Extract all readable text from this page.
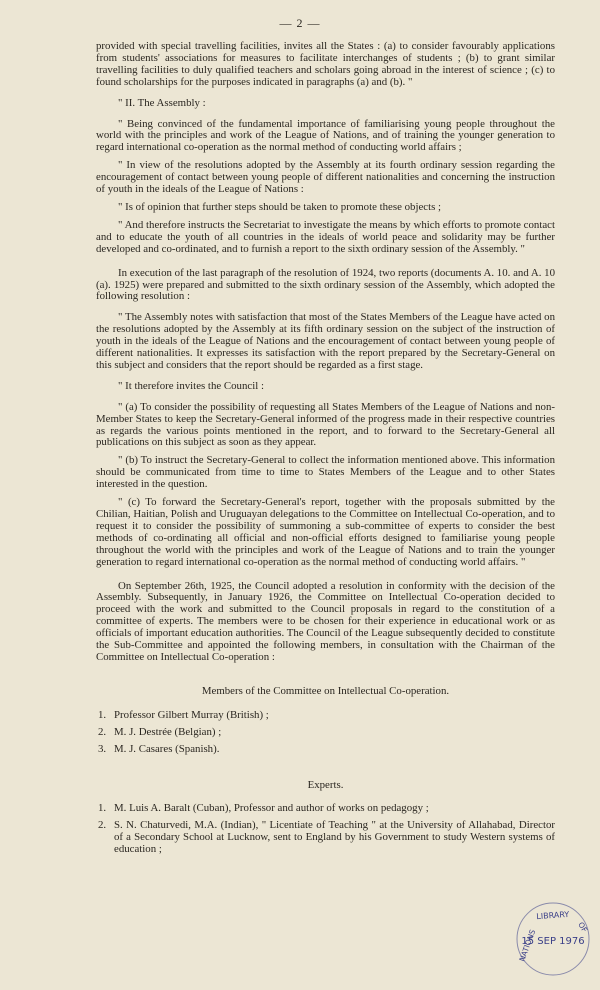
— 2 —

provided with special travelling facilities, invites all the States : (a) to consider favourably applications from students' associations for measures to facilitate interchanges of students ; (b) to grant similar travelling facilities to duly qualified teachers and scholars going abroad in the interest of science ; (c) to found scholarships for the purposes indicated in paragraphs (a) and (b). "

" II. The Assembly :

" Being convinced of the fundamental importance of familiarising young people throughout the world with the principles and work of the League of Nations, and of training the younger generation to regard international co-operation as the normal method of conducting world affairs ;

" In view of the resolutions adopted by the Assembly at its fourth ordinary session regarding the encouragement of contact between young people of different nationalities and concerning the instruction of youth in the ideals of the League of Nations :

" Is of opinion that further steps should be taken to promote these objects ;

" And therefore instructs the Secretariat to investigate the means by which efforts to promote contact and to educate the youth of all countries in the ideals of world peace and solidarity may be further developed and co-ordinated, and to furnish a report to the sixth ordinary session of the Assembly. "

In execution of the last paragraph of the resolution of 1924, two reports (documents A. 10. and A. 10 (a). 1925) were prepared and submitted to the sixth ordinary session of the Assembly, which adopted the following resolution :

" The Assembly notes with satisfaction that most of the States Members of the League have acted on the resolutions adopted by the Assembly at its fifth ordinary session on the subject of the instruction of youth in the ideals of the League of Nations and the encouragement of contact between young people of different nationalities. It expresses its satisfaction with the report prepared by the Secretary-General on this subject and considers that the report should be regarded as a first stage.

" It therefore invites the Council :

" (a) To consider the possibility of requesting all States Members of the League of Nations and non-Member States to keep the Secretary-General informed of the progress made in their respective countries as regards the various points mentioned in the report, and to forward to the Secretary-General all publications on this subject as soon as they appear.

" (b) To instruct the Secretary-General to collect the information mentioned above. This information should be communicated from time to time to States Members of the League and to other States interested in the question.

" (c) To forward the Secretary-General's report, together with the proposals submitted by the Chilian, Haitian, Polish and Uruguayan delegations to the Committee on Intellectual Co-operation, and to request it to consider the possibility of summoning a sub-committee of experts to consider the best methods of co-ordinating all official and non-official efforts designed to familiarise young people throughout the world with the principles and work of the League of Nations and to train the younger generation to regard international co-operation as the normal method of conducting world affairs. "

On September 26th, 1925, the Council adopted a resolution in conformity with the decision of the Assembly. Subsequently, in January 1926, the Committee on Intellectual Co-operation decided to proceed with the work and submitted to the Council proposals in regard to the constitution of a committee of experts. The members were to be chosen for their experience in educational work or as officials of important education authorities. The Council of the League subsequently decided to constitute the Sub-Committee and appointed the following members, in consultation with the Chairman of the Committee on Intellectual Co-operation :

Members of the Committee on Intellectual Co-operation.

1. Professor Gilbert Murray (British) ;
2. M. J. Destrée (Belgian) ;
3. M. J. Casares (Spanish).

Experts.

1. M. Luis A. Baralt (Cuban), Professor and author of works on pedagogy ;
2. S. N. Chaturvedi, M.A. (Indian), " Licentiate of Teaching " at the University of Allahabad, Director of a Secondary School at Lucknow, sent to England by his Government to study Western systems of education ;
LIBRARY
NATIONS
OF
15 SEP 1976
